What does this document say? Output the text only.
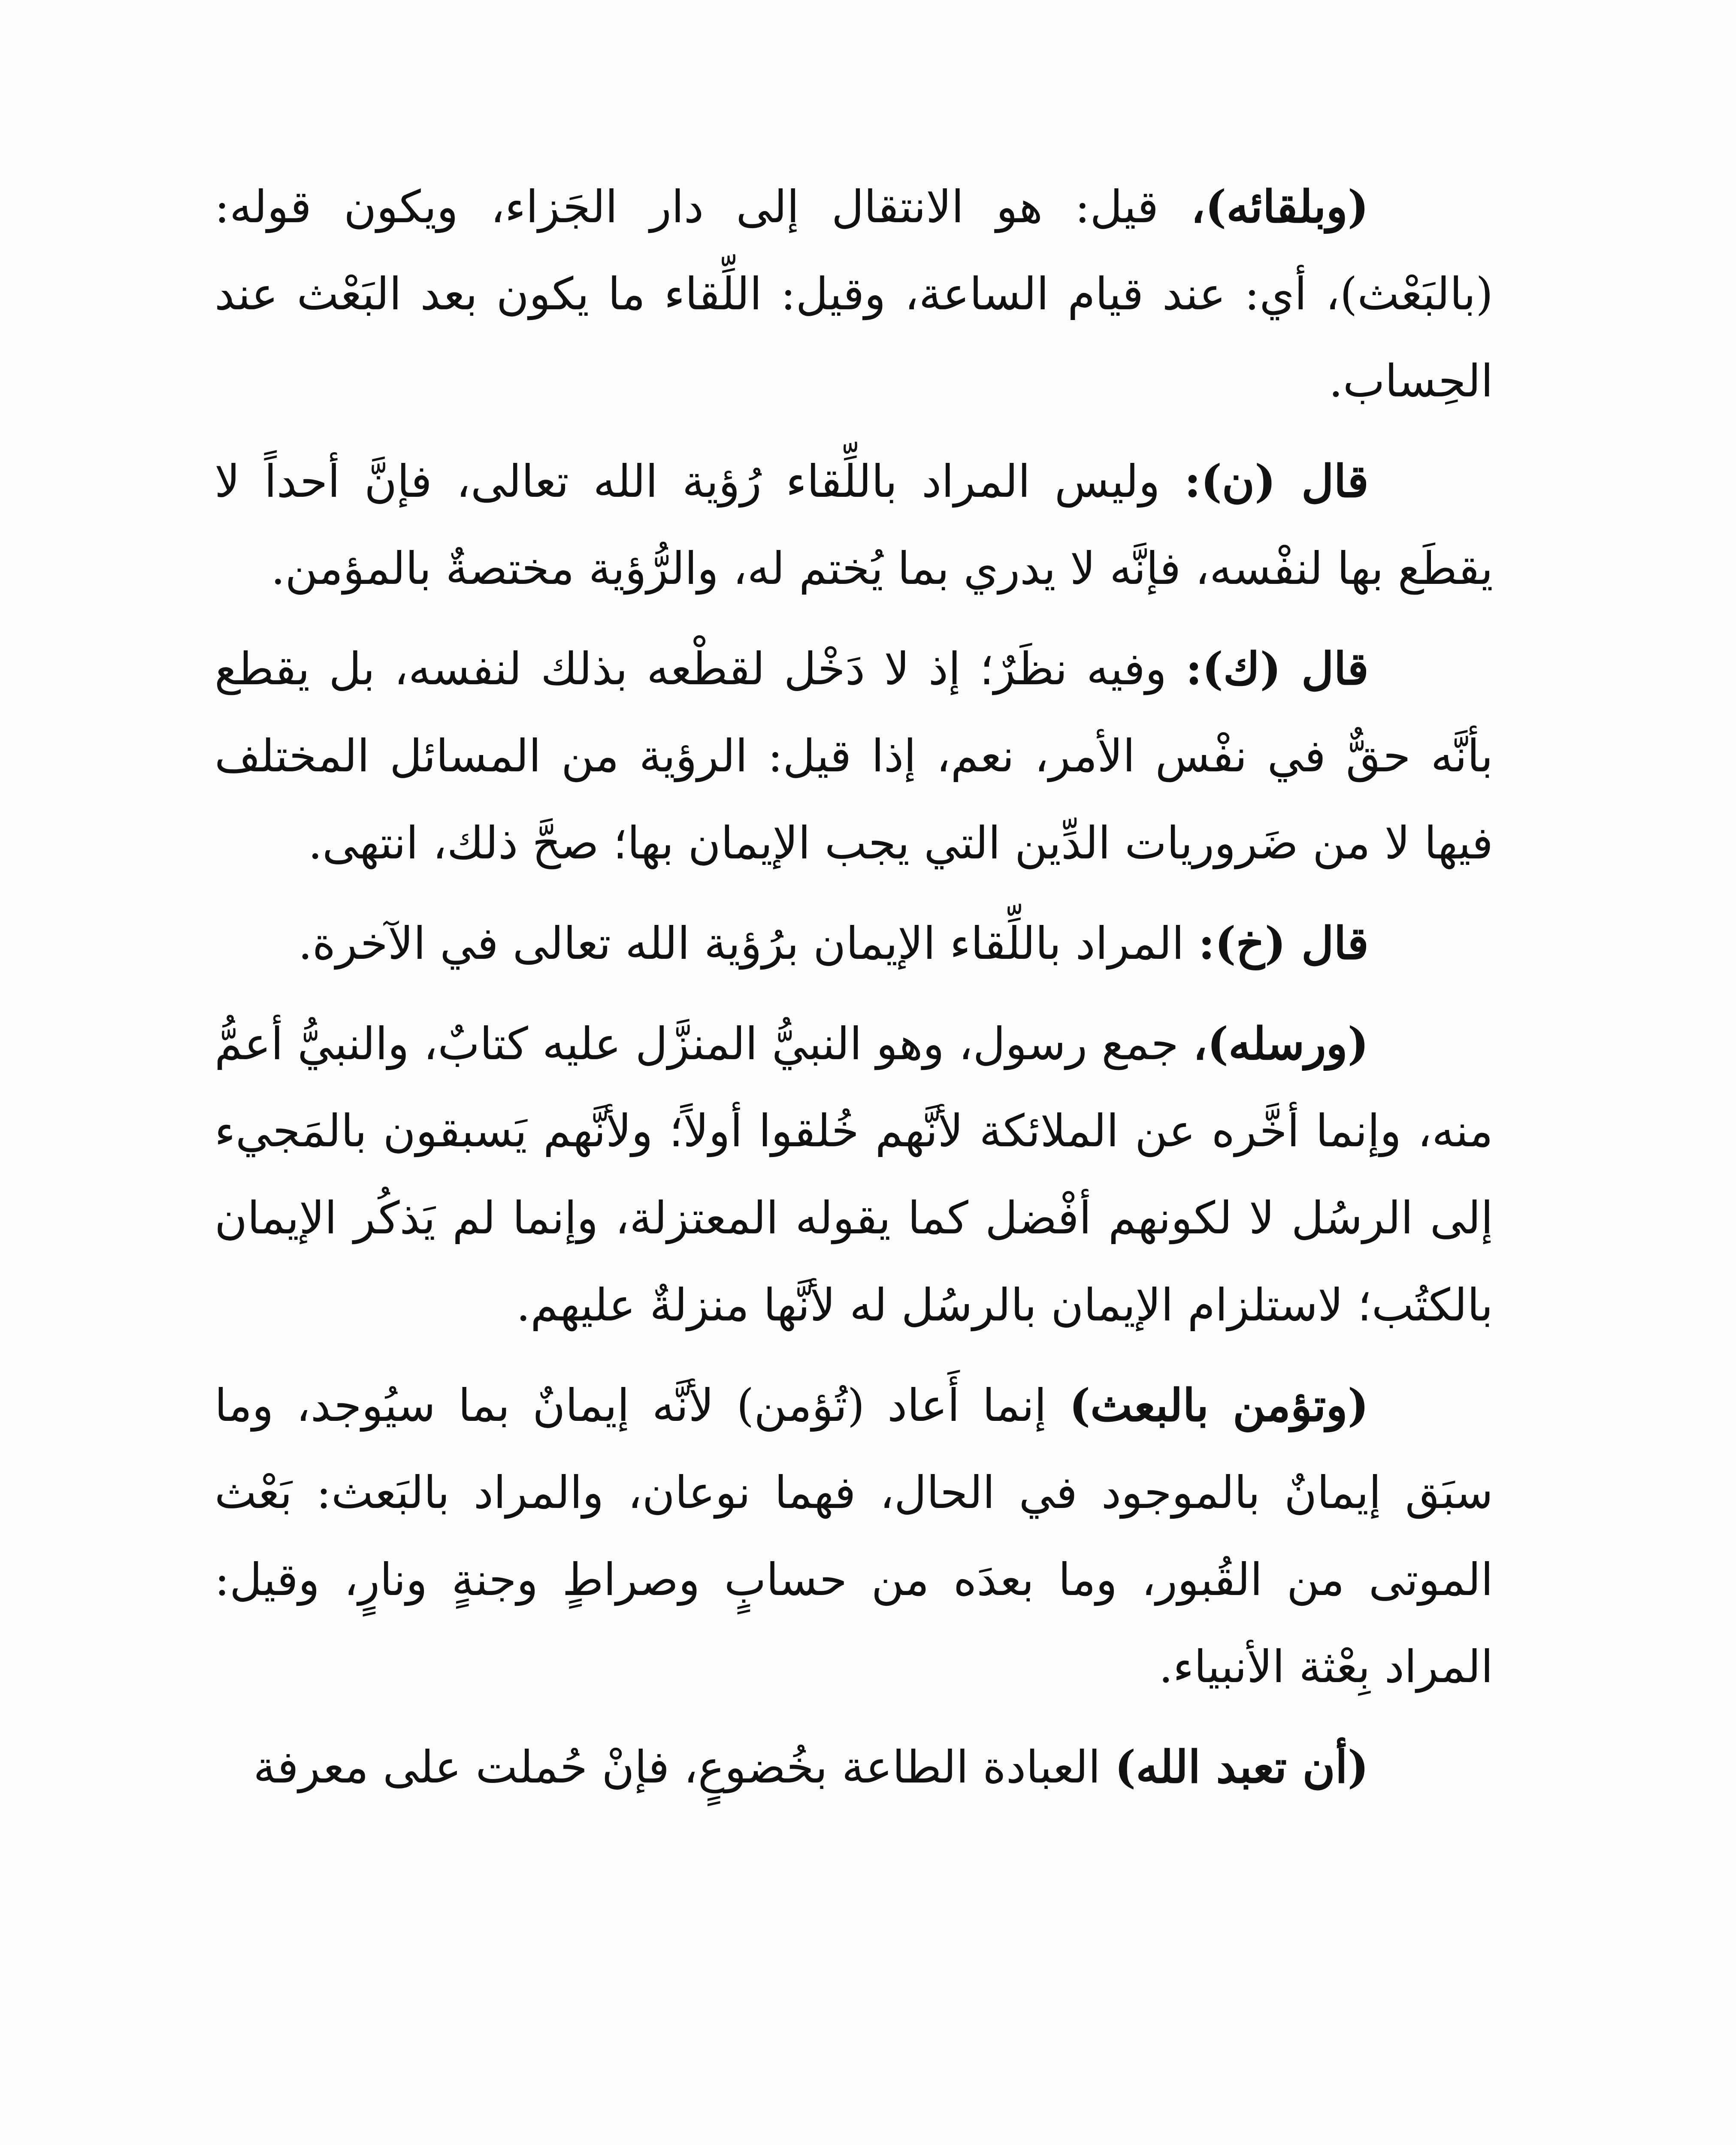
(وبلقائه)، قيل: هو الانتقال إلى دار الجَزاء، ويكون قوله: (بالبَعْث)، أي: عند قيام الساعة، وقيل: اللِّقاء ما يكون بعد البَعْث عند الحِساب.

قال (ن): وليس المراد باللِّقاء رُؤية الله تعالى، فإنَّ أحداً لا يقطَع بها لنفْسه، فإنَّه لا يدري بما يُختم له، والرُّؤية مختصةٌ بالمؤمن.

قال (ك): وفيه نظَرٌ؛ إذ لا دَخْل لقطْعه بذلك لنفسه، بل يقطع بأنَّه حقٌّ في نفْس الأمر، نعم، إذا قيل: الرؤية من المسائل المختلف فيها لا من ضَروريات الدِّين التي يجب الإيمان بها؛ صحَّ ذلك، انتهى.

قال (خ): المراد باللِّقاء الإيمان برُؤية الله تعالى في الآخرة.

(ورسله)، جمع رسول، وهو النبيُّ المنزَّل عليه كتابٌ، والنبيُّ أعمُّ منه، وإنما أخَّره عن الملائكة لأنَّهم خُلقوا أولاً؛ ولأنَّهم يَسبقون بالمَجيء إلى الرسُل لا لكونهم أفْضل كما يقوله المعتزلة، وإنما لم يَذكُر الإيمان بالكتُب؛ لاستلزام الإيمان بالرسُل له لأنَّها منزلةٌ عليهم.

(وتؤمن بالبعث) إنما أَعاد (تُؤمن) لأنَّه إيمانٌ بما سيُوجد، وما سبَق إيمانٌ بالموجود في الحال، فهما نوعان، والمراد بالبَعث: بَعْث الموتى من القُبور، وما بعدَه من حسابٍ وصراطٍ وجنةٍ ونارٍ، وقيل: المراد بِعْثة الأنبياء.

(أن تعبد الله) العبادة الطاعة بخُضوعٍ، فإنْ حُملت على معرفة
